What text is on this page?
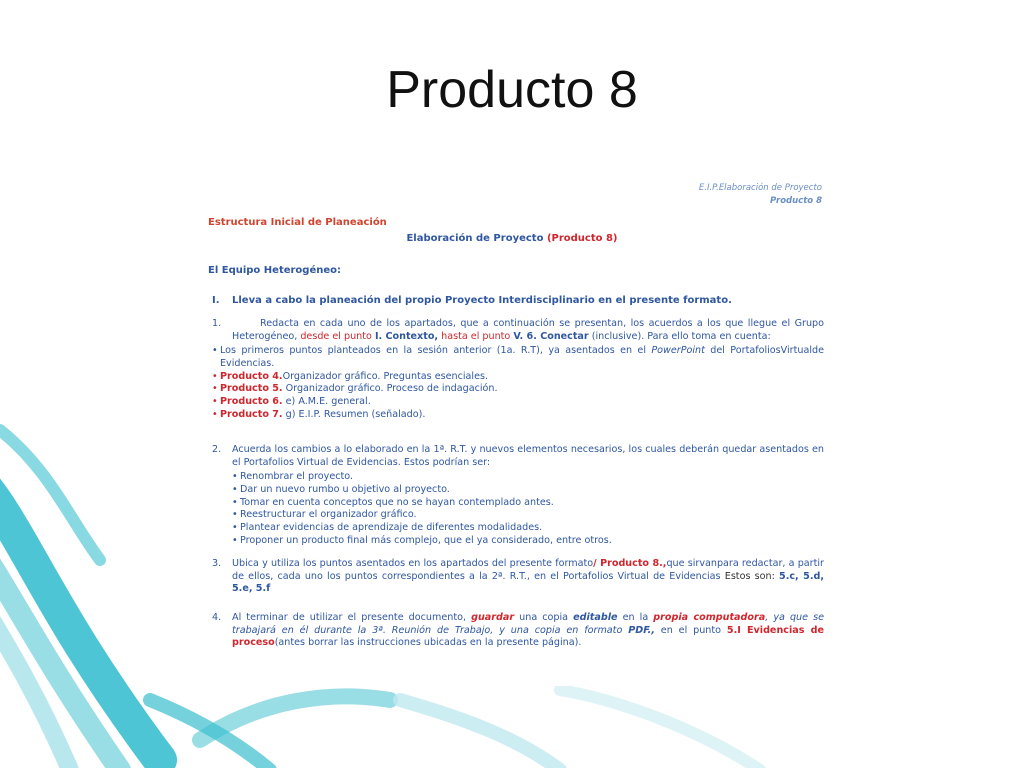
Producto 8
E.I.P.Elaboración de Proyecto
Producto 8
Estructura Inicial de Planeación
Elaboración de Proyecto (Producto 8)
El Equipo Heterogéneo:
I. Lleva a cabo la planeación del propio Proyecto Interdisciplinario en el presente formato.
1.	Redacta en cada uno de los apartados, que a continuación se presentan, los acuerdos a los que llegue el Grupo Heterogéneo, desde el punto I. Contexto, hasta el punto V. 6. Conectar (inclusive). Para ello toma en cuenta:
• Los primeros puntos planteados en la sesión anterior (1a. R.T), ya asentados en el PowerPoint del PortafoliosVirtualde Evidencias.
• Producto 4.Organizador gráfico. Preguntas esenciales.
• Producto 5. Organizador gráfico. Proceso de indagación.
• Producto 6. e) A.M.E. general.
• Producto 7. g) E.I.P. Resumen (señalado).
2. Acuerda los cambios a lo elaborado en la 1ª. R.T. y nuevos elementos necesarios, los cuales deberán quedar asentados en el Portafolios Virtual de Evidencias. Estos podrían ser:
• Renombrar el proyecto.
• Dar un nuevo rumbo u objetivo al proyecto.
• Tomar en cuenta conceptos que no se hayan contemplado antes.
• Reestructurar el organizador gráfico.
• Plantear evidencias de aprendizaje de diferentes modalidades.
• Proponer un producto final más complejo, que el ya considerado, entre otros.
3. Ubica y utiliza los puntos asentados en los apartados del presente formato/ Producto 8.,que sirvanpara redactar, a partir de ellos, cada uno los puntos correspondientes a la 2ª. R.T., en el Portafolios Virtual de Evidencias Estos son: 5.c, 5.d, 5.e, 5.f
4. Al terminar de utilizar el presente documento, guardar una copia editable en la propia computadora, ya que se trabajará en él durante la 3ª. Reunión de Trabajo, y una copia en formato PDF., en el punto 5.I Evidencias de proceso(antes borrar las instrucciones ubicadas en la presente página).
